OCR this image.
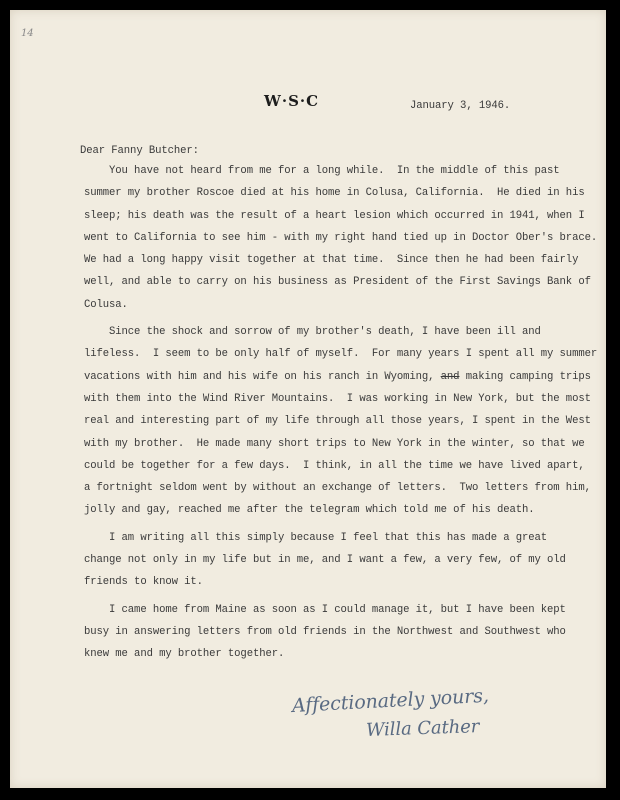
14
W·S·C	January 3, 1946.
Dear Fanny Butcher:
You have not heard from me for a long while.  In the middle of this past
summer my brother Roscoe died at his home in Colusa, California.  He died in his
sleep; his death was the result of a heart lesion which occurred in 1941, when I
went to California to see him - with my right hand tied up in Doctor Ober's brace.
We had a long happy visit together at that time.  Since then he had been fairly
well, and able to carry on his business as President of the First Savings Bank of
Colusa.
Since the shock and sorrow of my brother's death, I have been ill and
lifeless.  I seem to be only half of myself.  For many years I spent all my summer
vacations with him and his wife on his ranch in Wyoming, and making camping trips
with them into the Wind River Mountains.  I was working in New York, but the most
real and interesting part of my life through all those years, I spent in the West
with my brother.  He made many short trips to New York in the winter, so that we
could be together for a few days.  I think, in all the time we have lived apart,
a fortnight seldom went by without an exchange of letters.  Two letters from him,
jolly and gay, reached me after the telegram which told me of his death.
I am writing all this simply because I feel that this has made a great
change not only in my life but in me, and I want a few, a very few, of my old
friends to know it.
I came home from Maine as soon as I could manage it, but I have been kept
busy in answering letters from old friends in the Northwest and Southwest who
knew me and my brother together.
Affectionately yours,
Willa Cather
